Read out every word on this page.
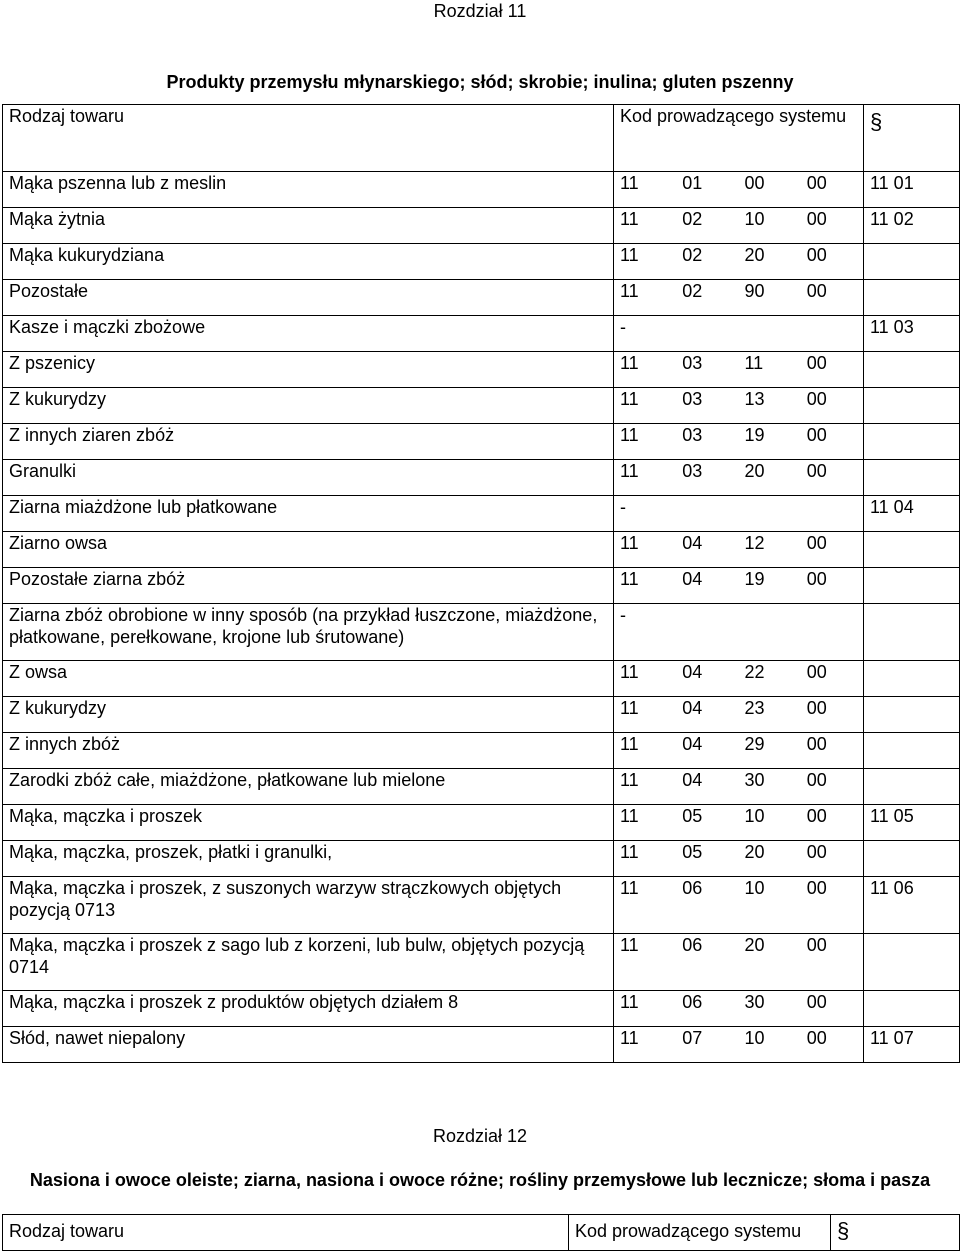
Rozdział 11
Produkty przemysłu młynarskiego; słód; skrobie; inulina; gluten pszenny
Rodzaj towaru	Kod prowadzącego systemu	§
Mąka pszenna lub z meslin	11 01 00 00	11 01
Mąka żytnia	11 02 10 00	11 02
Mąka kukurydziana	11 02 20 00	

Pozostałe	11 02 90 00	

Kasze i mączki zbożowe	-	11 03
Z pszenicy	11 03 11 00	

Z kukurydzy	11 03 13 00	

Z innych ziaren zbóż	11 03 19 00	

Granulki	11 03 20 00	

Ziarna miażdżone lub płatkowane	-	11 04
Ziarno owsa	11 04 12 00	

Pozostałe ziarna zbóż	11 04 19 00	

Ziarna zbóż obrobione w inny sposób (na przykład łuszczone, miażdżone, płatkowane, perełkowane, krojone lub śrutowane)	-	

Z owsa	11 04 22 00	

Z kukurydzy	11 04 23 00	

Z innych zbóż	11 04 29 00	

Zarodki zbóż całe, miażdżone, płatkowane lub mielone	11 04 30 00	

Mąka, mączka i proszek	11 05 10 00	11 05
Mąka, mączka, proszek, płatki i granulki,	11 05 20 00	

Mąka, mączka i proszek, z suszonych warzyw strączkowych objętych pozycją 0713	11 06 10 00	11 06
Mąka, mączka i proszek z sago lub z korzeni, lub bulw, objętych pozycją 0714	11 06 20 00	

Mąka, mączka i proszek z produktów objętych działem 8	11 06 30 00	

Słód, nawet niepalony	11 07 10 00	11 07
Rozdział 12
Nasiona i owoce oleiste; ziarna, nasiona i owoce różne; rośliny przemysłowe lub lecznicze; słoma i pasza
Rodzaj towaru	Kod prowadzącego systemu	§
